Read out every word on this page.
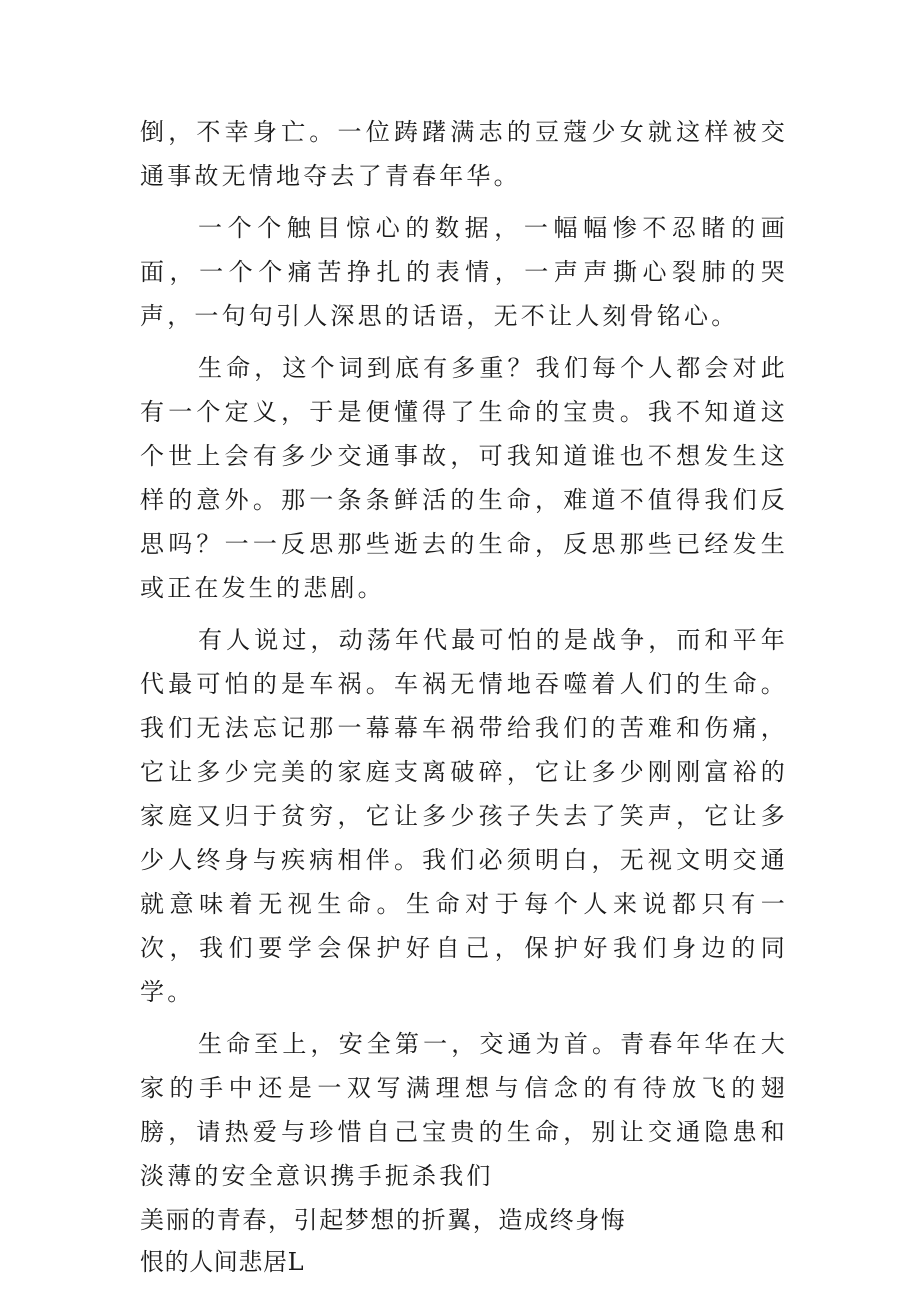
倒，不幸身亡。一位踌躇满志的豆蔻少女就这样被交通事故无情地夺去了青春年华。

一个个触目惊心的数据，一幅幅惨不忍睹的画面，一个个痛苦挣扎的表情，一声声撕心裂肺的哭声，一句句引人深思的话语，无不让人刻骨铭心。

生命，这个词到底有多重？我们每个人都会对此有一个定义，于是便懂得了生命的宝贵。我不知道这个世上会有多少交通事故，可我知道谁也不想发生这样的意外。那一条条鲜活的生命，难道不值得我们反思吗？一一反思那些逝去的生命，反思那些已经发生或正在发生的悲剧。

有人说过，动荡年代最可怕的是战争，而和平年代最可怕的是车祸。车祸无情地吞噬着人们的生命。我们无法忘记那一幕幕车祸带给我们的苦难和伤痛，它让多少完美的家庭支离破碎，它让多少刚刚富裕的家庭又归于贫穷，它让多少孩子失去了笑声，它让多少人终身与疾病相伴。我们必须明白，无视文明交通就意味着无视生命。生命对于每个人来说都只有一次，我们要学会保护好自己，保护好我们身边的同学。

生命至上，安全第一，交通为首。青春年华在大家的手中还是一双写满理想与信念的有待放飞的翅膀，请热爱与珍惜自己宝贵的生命，别让交通隐患和淡薄的安全意识携手扼杀我们

美丽的青春，引起梦想的折翼，造成终身悔

恨的人间悲居L
